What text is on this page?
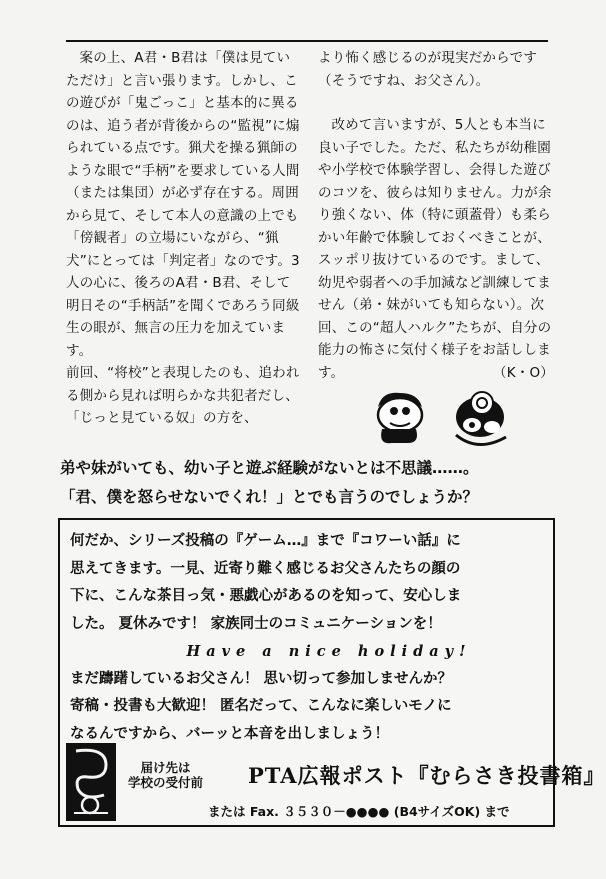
案の上、A君・B君は「僕は見ていただけ」と言い張ります。しかし、この遊びが「鬼ごっこ」と基本的に異るのは、追う者が背後からの“監視”に煽られている点です。猟犬を操る猟師のような眼で“手柄”を要求している人間（または集団）が必ず存在する。周囲から見て、そして本人の意識の上でも「傍観者」の立場にいながら、“猟犬”にとっては「判定者」なのです。3人の心に、後ろのA君・B君、そして明日その“手柄話”を聞くであろう同級生の眼が、無言の圧力を加えています。

前回、“将校”と表現したのも、追われる側から見れば明らかな共犯者だし、「じっと見ている奴」の方を、

より怖く感じるのが現実だからです（そうですね、お父さん）。

改めて言いますが、5人とも本当に良い子でした。ただ、私たちが幼稚園や小学校で体験学習し、会得した遊びのコツを、彼らは知りません。力が余り強くない、体（特に頭蓋骨）も柔らかい年齢で体験しておくべきことが、スッポリ抜けているのです。まして、幼児や弱者への手加減など訓練してません（弟・妹がいても知らない）。次回、この“超人ハルク”たちが、自分の能力の怖さに気付く様子をお話しします。	（K・O）

弟や妹がいても、幼い子と遊ぶ経験がないとは不思議……。
「君、僕を怒らせないでくれ！」とでも言うのでしょうか？
何だか、シリーズ投稿の『ゲーム…』まで『コワーい話』に
思えてきます。一見、近寄り難く感じるお父さんたちの顔の
下に、こんな茶目っ気・悪戯心があるのを知って、安心しま
した。 夏休みです！ 家族同士のコミュニケーションを！
Have a nice holiday!
まだ躊躇しているお父さん！ 思い切って参加しませんか？
寄稿・投書も大歓迎！ 匿名だって、こんなに楽しいモノに
なるんですから、バーッと本音を出しましょう！
届け先は
学校の受付前 PTA広報ポスト『むらさき投書箱』
または Fax. ３５３０－●●●● (B4サイズOK) まで
